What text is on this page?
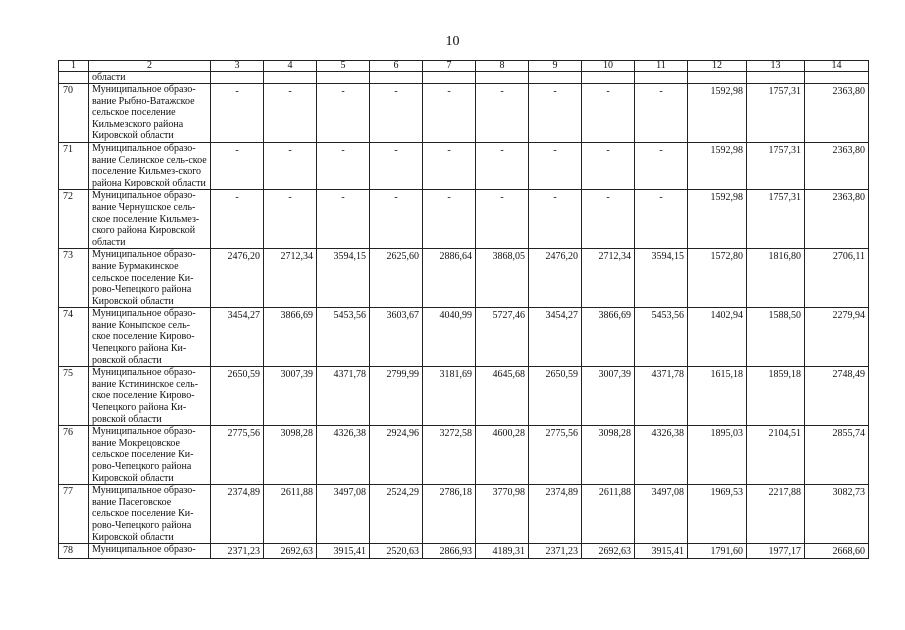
10
1	2	3	4	5	6	7	8	9	10	11	12	13	14
	области												
70	Муниципальное образо-вание Рыбно-Ватажское сельское поселение Кильмезского района Кировской области	-	-	-	-	-	-	-	-	-	1592,98	1757,31	2363,80
71	Муниципальное образо-вание Селинское сель-ское поселение Кильмез-ского района Кировской области	-	-	-	-	-	-	-	-	-	1592,98	1757,31	2363,80
72	Муниципальное образо-вание Чернушское сель-ское поселение Кильмез-ского района Кировской области	-	-	-	-	-	-	-	-	-	1592,98	1757,31	2363,80
73	Муниципальное образо-вание Бурмакинское сельское поселение Ки-рово-Чепецкого района Кировской области	2476,20	2712,34	3594,15	2625,60	2886,64	3868,05	2476,20	2712,34	3594,15	1572,80	1816,80	2706,11
74	Муниципальное образо-вание Коныпское сель-ское поселение Кирово-Чепецкого района Ки-ровской области	3454,27	3866,69	5453,56	3603,67	4040,99	5727,46	3454,27	3866,69	5453,56	1402,94	1588,50	2279,94
75	Муниципальное образо-вание Кстининское сель-ское поселение Кирово-Чепецкого района Ки-ровской области	2650,59	3007,39	4371,78	2799,99	3181,69	4645,68	2650,59	3007,39	4371,78	1615,18	1859,18	2748,49
76	Муниципальное образо-вание Мокрецовское сельское поселение Ки-рово-Чепецкого района Кировской области	2775,56	3098,28	4326,38	2924,96	3272,58	4600,28	2775,56	3098,28	4326,38	1895,03	2104,51	2855,74
77	Муниципальное образо-вание Пасеговское сельское поселение Ки-рово-Чепецкого района Кировской области	2374,89	2611,88	3497,08	2524,29	2786,18	3770,98	2374,89	2611,88	3497,08	1969,53	2217,88	3082,73
78	Муниципальное образо-	2371,23	2692,63	3915,41	2520,63	2866,93	4189,31	2371,23	2692,63	3915,41	1791,60	1977,17	2668,60
